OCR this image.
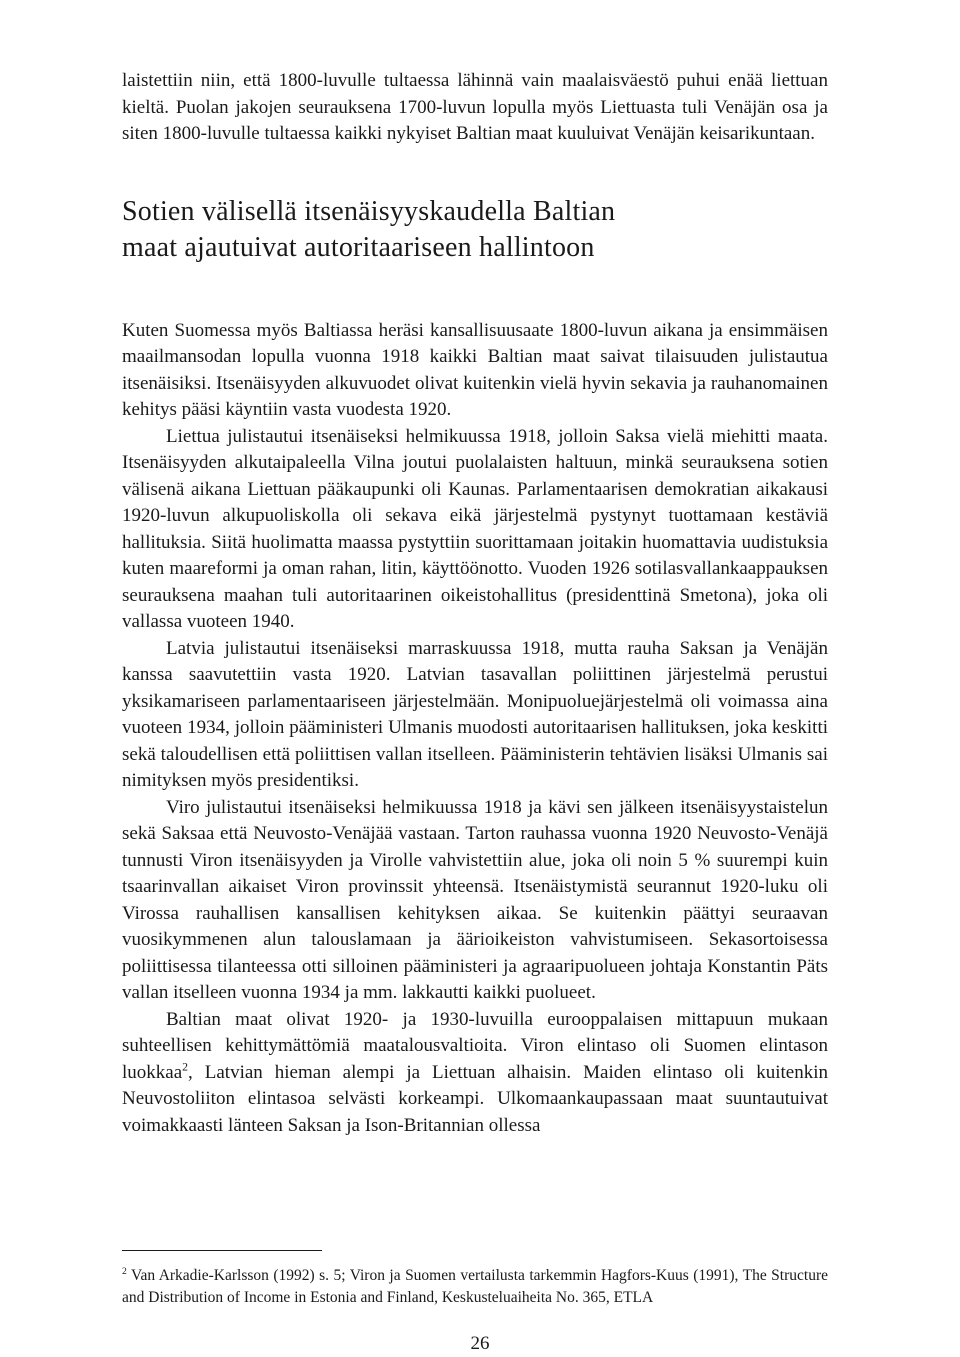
laistettiin niin, että 1800-luvulle tultaessa lähinnä vain maalaisväestö puhui enää liettuan kieltä. Puolan jakojen seurauksena 1700-luvun lopulla myös Liettuasta tuli Venäjän osa ja siten 1800-luvulle tultaessa kaikki nykyiset Baltian maat kuuluivat Venäjän keisarikuntaan.

Sotien välisellä itsenäisyyskaudella Baltian
maat ajautuivat autoritaariseen hallintoon

Kuten Suomessa myös Baltiassa heräsi kansallisuusaate 1800-luvun aikana ja ensimmäisen maailmansodan lopulla vuonna 1918 kaikki Baltian maat saivat tilaisuuden julistautua itsenäisiksi. Itsenäisyyden alkuvuodet olivat kuitenkin vielä hyvin sekavia ja rauhanomainen kehitys pääsi käyntiin vasta vuodesta 1920.

Liettua julistautui itsenäiseksi helmikuussa 1918, jolloin Saksa vielä miehitti maata. Itsenäisyyden alkutaipaleella Vilna joutui puolalaisten haltuun, minkä seurauksena sotien välisenä aikana Liettuan pääkaupunki oli Kaunas. Parlamentaarisen demokratian aikakausi 1920-luvun alkupuoliskolla oli sekava eikä järjestelmä pystynyt tuottamaan kestäviä hallituksia. Siitä huolimatta maassa pystyttiin suorittamaan joitakin huomattavia uudistuksia kuten maareformi ja oman rahan, litin, käyttöönotto. Vuoden 1926 sotilasvallankaappauksen seurauksena maahan tuli autoritaarinen oikeistohallitus (presidenttinä Smetona), joka oli vallassa vuoteen 1940.

Latvia julistautui itsenäiseksi marraskuussa 1918, mutta rauha Saksan ja Venäjän kanssa saavutettiin vasta 1920. Latvian tasavallan poliittinen järjestelmä perustui yksikamariseen parlamentaariseen järjestelmään. Monipuoluejärjestelmä oli voimassa aina vuoteen 1934, jolloin pääministeri Ulmanis muodosti autoritaarisen hallituksen, joka keskitti sekä taloudellisen että poliittisen vallan itselleen. Pääministerin tehtävien lisäksi Ulmanis sai nimityksen myös presidentiksi.

Viro julistautui itsenäiseksi helmikuussa 1918 ja kävi sen jälkeen itsenäisyystaistelun sekä Saksaa että Neuvosto-Venäjää vastaan. Tarton rauhassa vuonna 1920 Neuvosto-Venäjä tunnusti Viron itsenäisyyden ja Virolle vahvistettiin alue, joka oli noin 5 % suurempi kuin tsaarinvallan aikaiset Viron provinssit yhteensä. Itsenäistymistä seurannut 1920-luku oli Virossa rauhallisen kansallisen kehityksen aikaa. Se kuitenkin päättyi seuraavan vuosikymmenen alun talouslamaan ja äärioikeiston vahvistumiseen. Sekasortoisessa poliittisessa tilanteessa otti silloinen pääministeri ja agraaripuolueen johtaja Konstantin Päts vallan itselleen vuonna 1934 ja mm. lakkautti kaikki puolueet.

Baltian maat olivat 1920- ja 1930-luvuilla eurooppalaisen mittapuun mukaan suhteellisen kehittymättömiä maatalousvaltioita. Viron elintaso oli Suomen elintason luokkaa$^2$, Latvian hieman alempi ja Liettuan alhaisin. Maiden elintaso oli kuitenkin Neuvostoliiton elintasoa selvästi korkeampi. Ulkomaankaupassaan maat suuntautuivat voimakkaasti länteen Saksan ja Ison-Britannian ollessa

$^2$ Van Arkadie-Karlsson (1992) s. 5; Viron ja Suomen vertailusta tarkemmin Hagfors-Kuus (1991), The Structure and Distribution of Income in Estonia and Finland, Keskusteluaiheita No. 365, ETLA

26
